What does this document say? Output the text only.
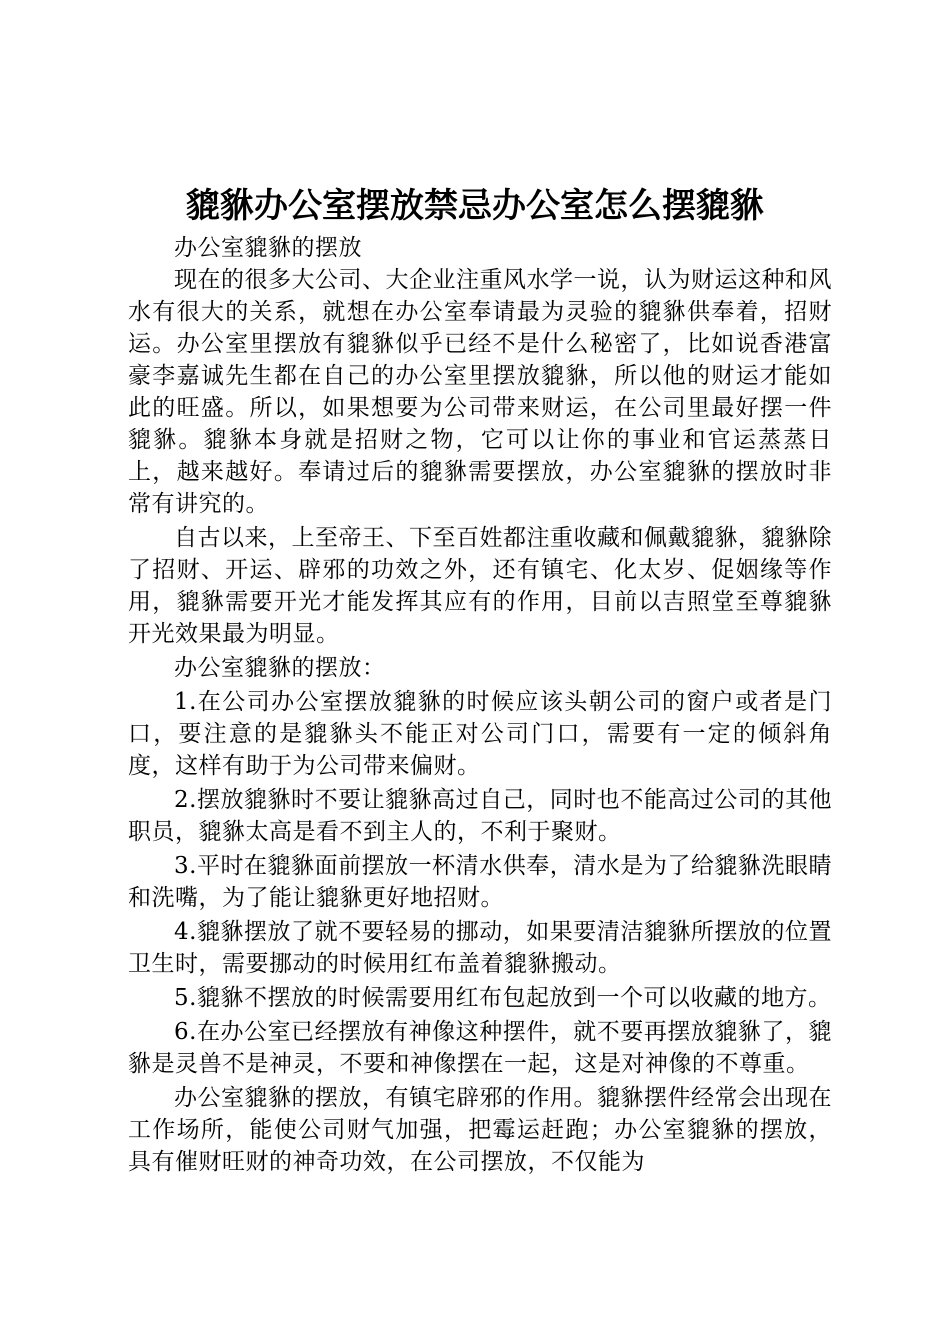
貔貅办公室摆放禁忌办公室怎么摆貔貅

办公室貔貅的摆放

现在的很多大公司、大企业注重风水学一说，认为财运这种和风水有很大的关系，就想在办公室奉请最为灵验的貔貅供奉着，招财运。办公室里摆放有貔貅似乎已经不是什么秘密了，比如说香港富豪李嘉诚先生都在自己的办公室里摆放貔貅，所以他的财运才能如此的旺盛。所以，如果想要为公司带来财运，在公司里最好摆一件貔貅。貔貅本身就是招财之物，它可以让你的事业和官运蒸蒸日上，越来越好。奉请过后的貔貅需要摆放，办公室貔貅的摆放时非常有讲究的。

自古以来，上至帝王、下至百姓都注重收藏和佩戴貔貅，貔貅除了招财、开运、辟邪的功效之外，还有镇宅、化太岁、促姻缘等作用，貔貅需要开光才能发挥其应有的作用，目前以吉照堂至尊貔貅开光效果最为明显。

办公室貔貅的摆放：

1.在公司办公室摆放貔貅的时候应该头朝公司的窗户或者是门口，要注意的是貔貅头不能正对公司门口，需要有一定的倾斜角度，这样有助于为公司带来偏财。

2.摆放貔貅时不要让貔貅高过自己，同时也不能高过公司的其他职员，貔貅太高是看不到主人的，不利于聚财。

3.平时在貔貅面前摆放一杯清水供奉，清水是为了给貔貅洗眼睛和洗嘴，为了能让貔貅更好地招财。

4.貔貅摆放了就不要轻易的挪动，如果要清洁貔貅所摆放的位置卫生时，需要挪动的时候用红布盖着貔貅搬动。

5.貔貅不摆放的时候需要用红布包起放到一个可以收藏的地方。

6.在办公室已经摆放有神像这种摆件，就不要再摆放貔貅了，貔貅是灵兽不是神灵，不要和神像摆在一起，这是对神像的不尊重。

办公室貔貅的摆放，有镇宅辟邪的作用。貔貅摆件经常会出现在工作场所，能使公司财气加强，把霉运赶跑；办公室貔貅的摆放，具有催财旺财的神奇功效，在公司摆放，不仅能为
